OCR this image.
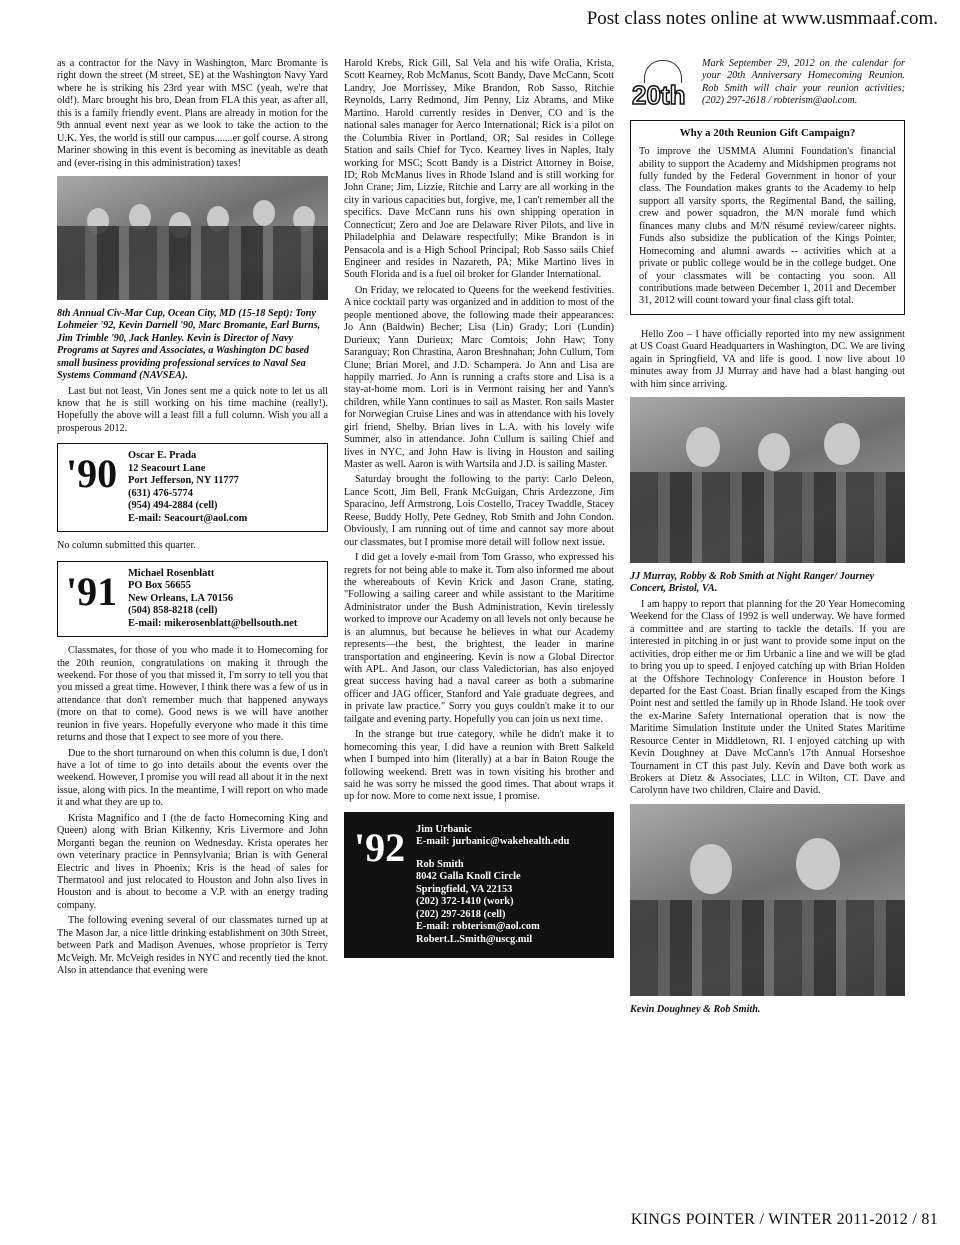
Post class notes online at www.usmmaaf.com.

as a contractor for the Navy in Washington, Marc Bromante is right down the street (M street, SE) at the Washington Navy Yard where he is striking his 23rd year with MSC (yeah, we're that old!). Marc brought his bro, Dean from FLA this year, as after all, this is a family friendly event. Plans are already in motion for the 9th annual event next year as we look to take the action to the U.K. Yes, the world is still our campus.......er golf course. A strong Mariner showing in this event is becoming as inevitable as death and (ever-rising in this administration) taxes!

8th Annual Civ-Mar Cup, Ocean City, MD (15-18 Sept): Tony Lohmeier '92, Kevin Darnell '90, Marc Bromante, Earl Burns, Jim Trimble '90, Jack Hanley. Kevin is Director of Navy Programs at Sayres and Associates, a Washington DC based small business providing professional services to Naval Sea Systems Command (NAVSEA).

Last but not least, Vin Jones sent me a quick note to let us all know that he is still working on his time machine (really!). Hopefully the above will a least fill a full column. Wish you all a prosperous 2012.

'90	Oscar E. Prada
12 Seacourt Lane
Port Jefferson, NY 11777
(631) 476-5774
(954) 494-2884 (cell)
E-mail: Seacourt@aol.com

No column submitted this quarter.

'91	Michael Rosenblatt
PO Box 56655
New Orleans, LA 70156
(504) 858-8218 (cell)
E-mail: mikerosenblatt@bellsouth.net

Classmates, for those of you who made it to Homecoming for the 20th reunion, congratulations on making it through the weekend. For those of you that missed it, I'm sorry to tell you that you missed a great time. However, I think there was a few of us in attendance that don't remember much that happened anyways (more on that to come). Good news is we will have another reunion in five years. Hopefully everyone who made it this time returns and those that I expect to see more of you there.

Due to the short turnaround on when this column is due, I don't have a lot of time to go into details about the events over the weekend. However, I promise you will read all about it in the next issue, along with pics. In the meantime, I will report on who made it and what they are up to.

Krista Magnifico and I (the de facto Homecoming King and Queen) along with Brian Kilkenny, Kris Livermore and John Morganti began the reunion on Wednesday. Krista operates her own veterinary practice in Pennsylvania; Brian is with General Electric and lives in Phoenix; Kris is the head of sales for Thermatool and just relocated to Houston and John also lives in Houston and is about to become a V.P. with an energy trading company.

The following evening several of our classmates turned up at The Mason Jar, a nice little drinking establishment on 30th Street, between Park and Madison Avenues, whose proprietor is Terry McVeigh. Mr. McVeigh resides in NYC and recently tied the knot. Also in attendance that evening were

Harold Krebs, Rick Gill, Sal Vela and his wife Oralia, Krista, Scott Kearney, Rob McManus, Scott Bandy, Dave McCann, Scott Landry, Joe Morrissey, Mike Brandon, Rob Sasso, Ritchie Reynolds, Larry Redmond, Jim Penny, Liz Abrams, and Mike Martino. Harold currently resides in Denver, CO and is the national sales manager for Aerco International; Rick is a pilot on the Columbia River in Portland, OR; Sal resides in College Station and sails Chief for Tyco. Kearney lives in Naples, Italy working for MSC; Scott Bandy is a District Attorney in Boise, ID; Rob McManus lives in Rhode Island and is still working for John Crane; Jim, Lizzie, Ritchie and Larry are all working in the city in various capacities but, forgive, me, I can't remember all the specifics. Dave McCann runs his own shipping operation in Connecticut; Zero and Joe are Delaware River Pilots, and live in Philadelphia and Delaware respectfully; Mike Brandon is in Pensacola and is a High School Principal; Rob Sasso sails Chief Engineer and resides in Nazareth, PA; Mike Martino lives in South Florida and is a fuel oil broker for Glander International.

On Friday, we relocated to Queens for the weekend festivities. A nice cocktail party was organized and in addition to most of the people mentioned above, the following made their appearances: Jo Ann (Baldwin) Becher; Lisa (Lin) Grady; Lori (Lundin) Durieux; Yann Durieux; Marc Comtois; John Haw; Tony Saranguay; Ron Chrastina, Aaron Breshnahan; John Cullum, Tom Clune; Brian Morel, and J.D. Schampera. Jo Ann and Lisa are happily married. Jo Ann is running a crafts store and Lisa is a stay-at-home mom. Lori is in Vermont raising her and Yann's children, while Yann continues to sail as Master. Ron sails Master for Norwegian Cruise Lines and was in attendance with his lovely girl friend, Shelby. Brian lives in L.A. with his lovely wife Summer, also in attendance. John Cullum is sailing Chief and lives in NYC, and John Haw is living in Houston and sailing Master as well. Aaron is with Wartsila and J.D. is sailing Master.

Saturday brought the following to the party: Carlo Deleon, Lance Scott, Jim Bell, Frank McGuigan, Chris Ardezzone, Jim Sparacino, Jeff Armstrong, Lois Costello, Tracey Twaddle, Stacey Reese, Buddy Holly, Pete Gedney, Rob Smith and John Condon. Obviously, I am running out of time and cannot say more about our classmates, but I promise more detail will follow next issue.

I did get a lovely e-mail from Tom Grasso, who expressed his regrets for not being able to make it. Tom also informed me about the whereabouts of Kevin Krick and Jason Crane, stating, "Following a sailing career and while assistant to the Maritime Administrator under the Bush Administration, Kevin tirelessly worked to improve our Academy on all levels not only because he is an alumnus, but because he believes in what our Academy represents—the best, the brightest, the leader in marine transportation and engineering. Kevin is now a Global Director with APL. And Jason, our class Valedictorian, has also enjoyed great success having had a naval career as both a submarine officer and JAG officer, Stanford and Yale graduate degrees, and in private law practice." Sorry you guys couldn't make it to our tailgate and evening party. Hopefully you can join us next time.

In the strange but true category, while he didn't make it to homecoming this year, I did have a reunion with Brett Salkeld when I bumped into him (literally) at a bar in Baton Rouge the following weekend. Brett was in town visiting his brother and said he was sorry he missed the good times. That about wraps it up for now. More to come next issue, I promise.

'92	Jim Urbanic
E-mail: jurbanic@wakehealth.edu
Rob Smith
8042 Galla Knoll Circle
Springfield, VA 22153
(202) 372-1410 (work)
(202) 297-2618 (cell)
E-mail: robterism@aol.com
Robert.L.Smith@uscg.mil
20th

Mark September 29, 2012 on the calendar for your 20th Anniversary Homecoming Reunion. Rob Smith will chair your reunion activities; (202) 297-2618 / robterism@aol.com.

Why a 20th Reunion Gift Campaign?

To improve the USMMA Alumni Foundation's financial ability to support the Academy and Midshipmen programs not fully funded by the Federal Government in honor of your class. The Foundation makes grants to the Academy to help support all varsity sports, the Regimental Band, the sailing, crew and power squadron, the M/N morale fund which finances many clubs and M/N résumé review/career nights. Funds also subsidize the publication of the Kings Pointer, Homecoming and alumni awards -- activities which at a private or public college would be in the college budget. One of your classmates will be contacting you soon. All contributions made between December 1, 2011 and December 31, 2012 will count toward your final class gift total.

Hello Zoo – I have officially reported into my new assignment at US Coast Guard Headquarters in Washington, DC. We are living again in Springfield, VA and life is good. I now live about 10 minutes away from JJ Murray and have had a blast hanging out with him since arriving.

JJ Murray, Robby & Rob Smith at Night Ranger/ Journey Concert, Bristol, VA.

I am happy to report that planning for the 20 Year Homecoming Weekend for the Class of 1992 is well underway. We have formed a committee and are starting to tackle the details. If you are interested in pitching in or just want to provide some input on the activities, drop either me or Jim Urbanic a line and we will be glad to bring you up to speed. I enjoyed catching up with Brian Holden at the Offshore Technology Conference in Houston before I departed for the East Coast. Brian finally escaped from the Kings Point nest and settled the family up in Rhode Island. He took over the ex-Marine Safety International operation that is now the Maritime Simulation Institute under the United States Maritime Resource Center in Middletown, RI. I enjoyed catching up with Kevin Doughney at Dave McCann's 17th Annual Horseshoe Tournament in CT this past July. Kevin and Dave both work as Brokers at Dietz & Associates, LLC in Wilton, CT. Dave and Carolynn have two children, Claire and David.

Kevin Doughney & Rob Smith.

KINGS POINTER / WINTER 2011-2012 / 81
